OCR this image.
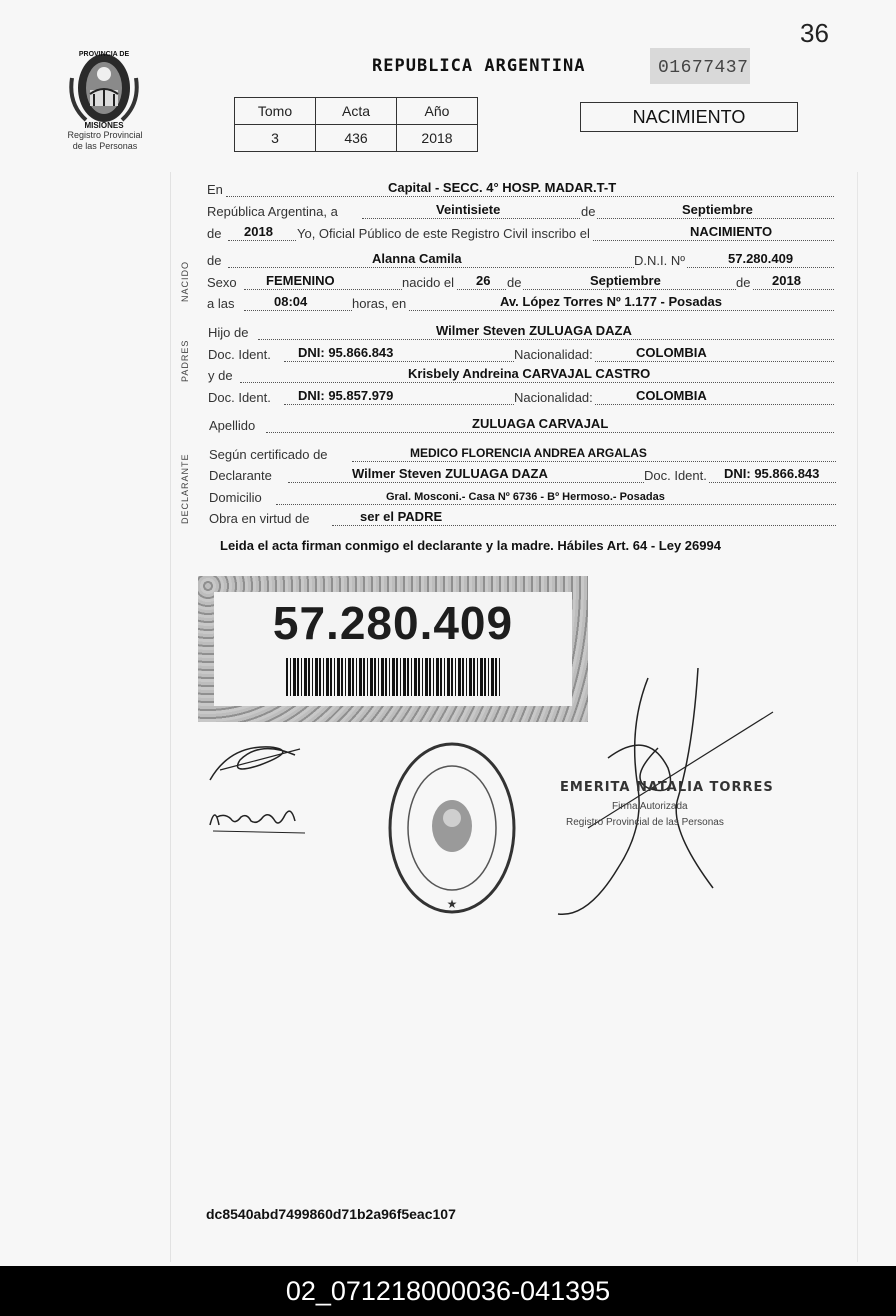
36
PROVINCIA DE
MISIONES
Registro Provincial
de las Personas
REPUBLICA ARGENTINA	01677437
Tomo	Acta	Año
3	436	2018
NACIMIENTO
NACIDO
PADRES
DECLARANTE
En	Capital - SECC. 4° HOSP. MADAR.T-T
República Argentina, a	Veintisiete	de	Septiembre
de 2018 Yo, Oficial Público de este Registro Civil inscribo el	NACIMIENTO
de	Alanna Camila	D.N.I. Nº	57.280.409
Sexo FEMENINO	nacido el 26 de	Septiembre	de 2018
a las	08:04	horas, en	Av. López Torres Nº 1.177 - Posadas
Hijo de	Wilmer Steven ZULUAGA DAZA
Doc. Ident. DNI: 95.866.843	Nacionalidad:	COLOMBIA
y de	Krisbely Andreina CARVAJAL CASTRO
Doc. Ident. DNI: 95.857.979	Nacionalidad:	COLOMBIA
Apellido	ZULUAGA CARVAJAL
Según certificado de	MEDICO FLORENCIA ANDREA ARGALAS
Declarante	Wilmer Steven ZULUAGA DAZA	Doc. Ident. DNI: 95.866.843
Domicilio	Gral. Mosconi.- Casa Nº 6736 - Bº Hermoso.- Posadas
Obra en virtud de	ser el PADRE
Leida el acta firman conmigo el declarante y la madre. Hábiles Art. 64 - Ley 26994
57.280.409
★
EMERITA NATALIA TORRES
Firma Autorizada
Registro Provincial de las Personas
dc8540abd7499860d71b2a96f5eac107
02_071218000036-041395
